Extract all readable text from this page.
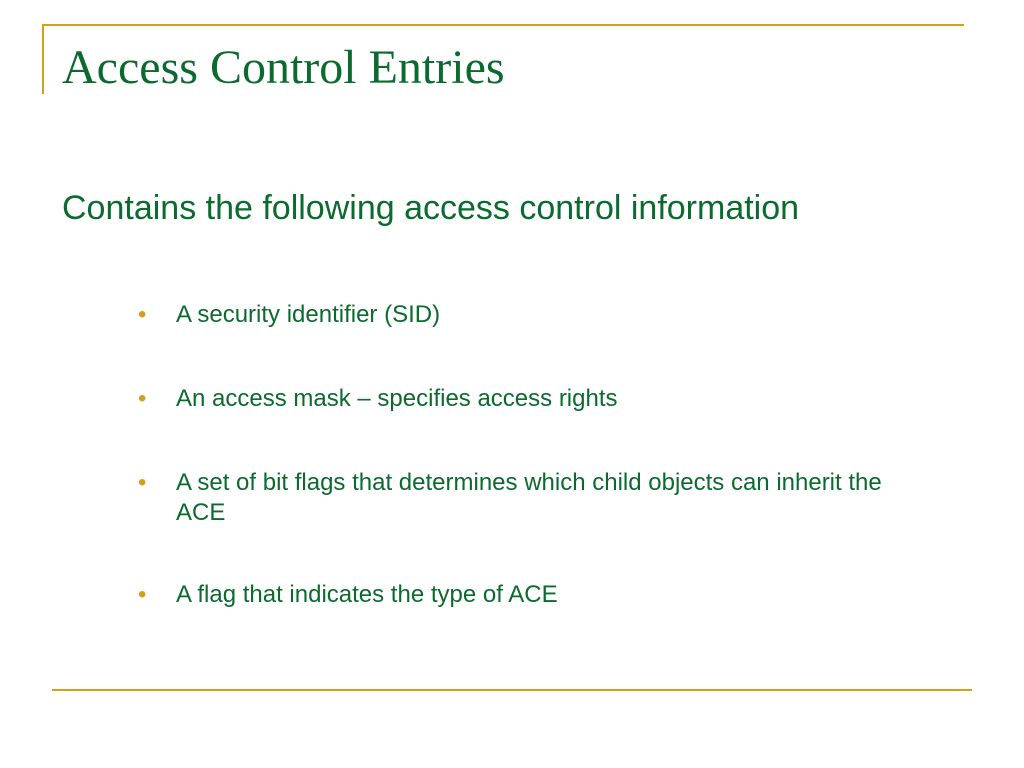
Access Control Entries

Contains the following access control information

• A security identifier (SID)
• An access mask – specifies access rights
• A set of bit flags that determines which child objects can inherit the ACE
• A flag that indicates the type of ACE
